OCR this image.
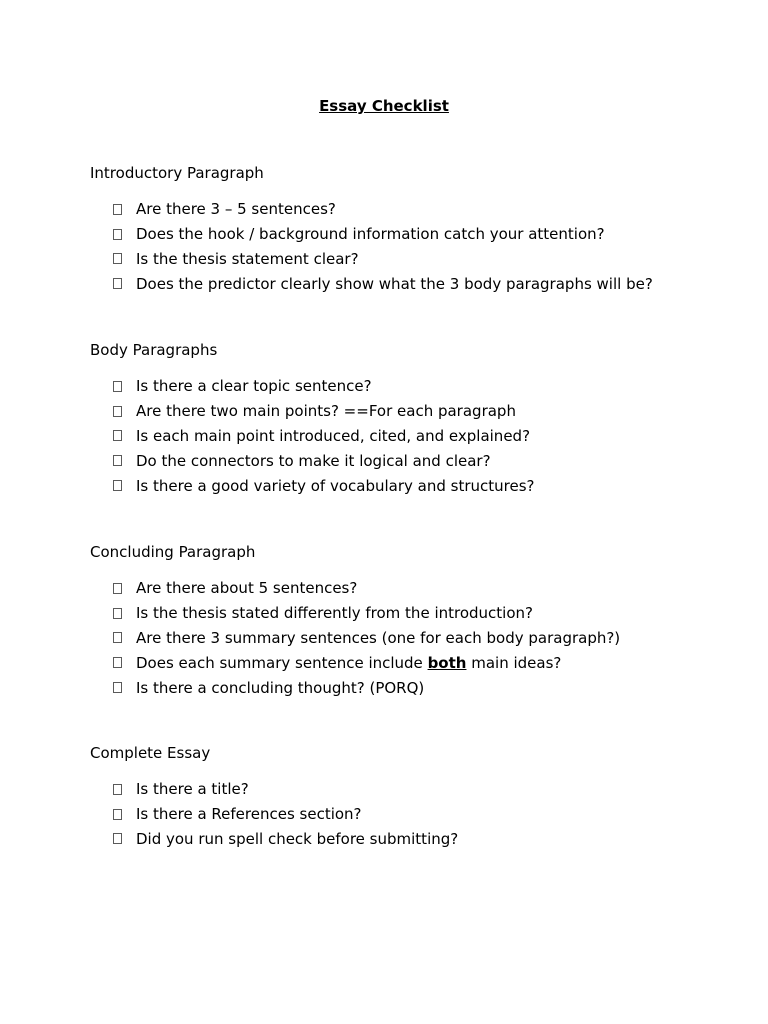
Essay Checklist
Introductory Paragraph
Are there 3 – 5 sentences?
Does the hook / background information catch your attention?
Is the thesis statement clear?
Does the predictor clearly show what the 3 body paragraphs will be?
Body Paragraphs
Is there a clear topic sentence?
Are there two main points? ==For each paragraph
Is each main point introduced, cited, and explained?
Do the connectors to make it logical and clear?
Is there a good variety of vocabulary and structures?
Concluding Paragraph
Are there about 5 sentences?
Is the thesis stated differently from the introduction?
Are there 3 summary sentences (one for each body paragraph?)
Does each summary sentence include both main ideas?
Is there a concluding thought? (PORQ)
Complete Essay
Is there a title?
Is there a References section?
Did you run spell check before submitting?
